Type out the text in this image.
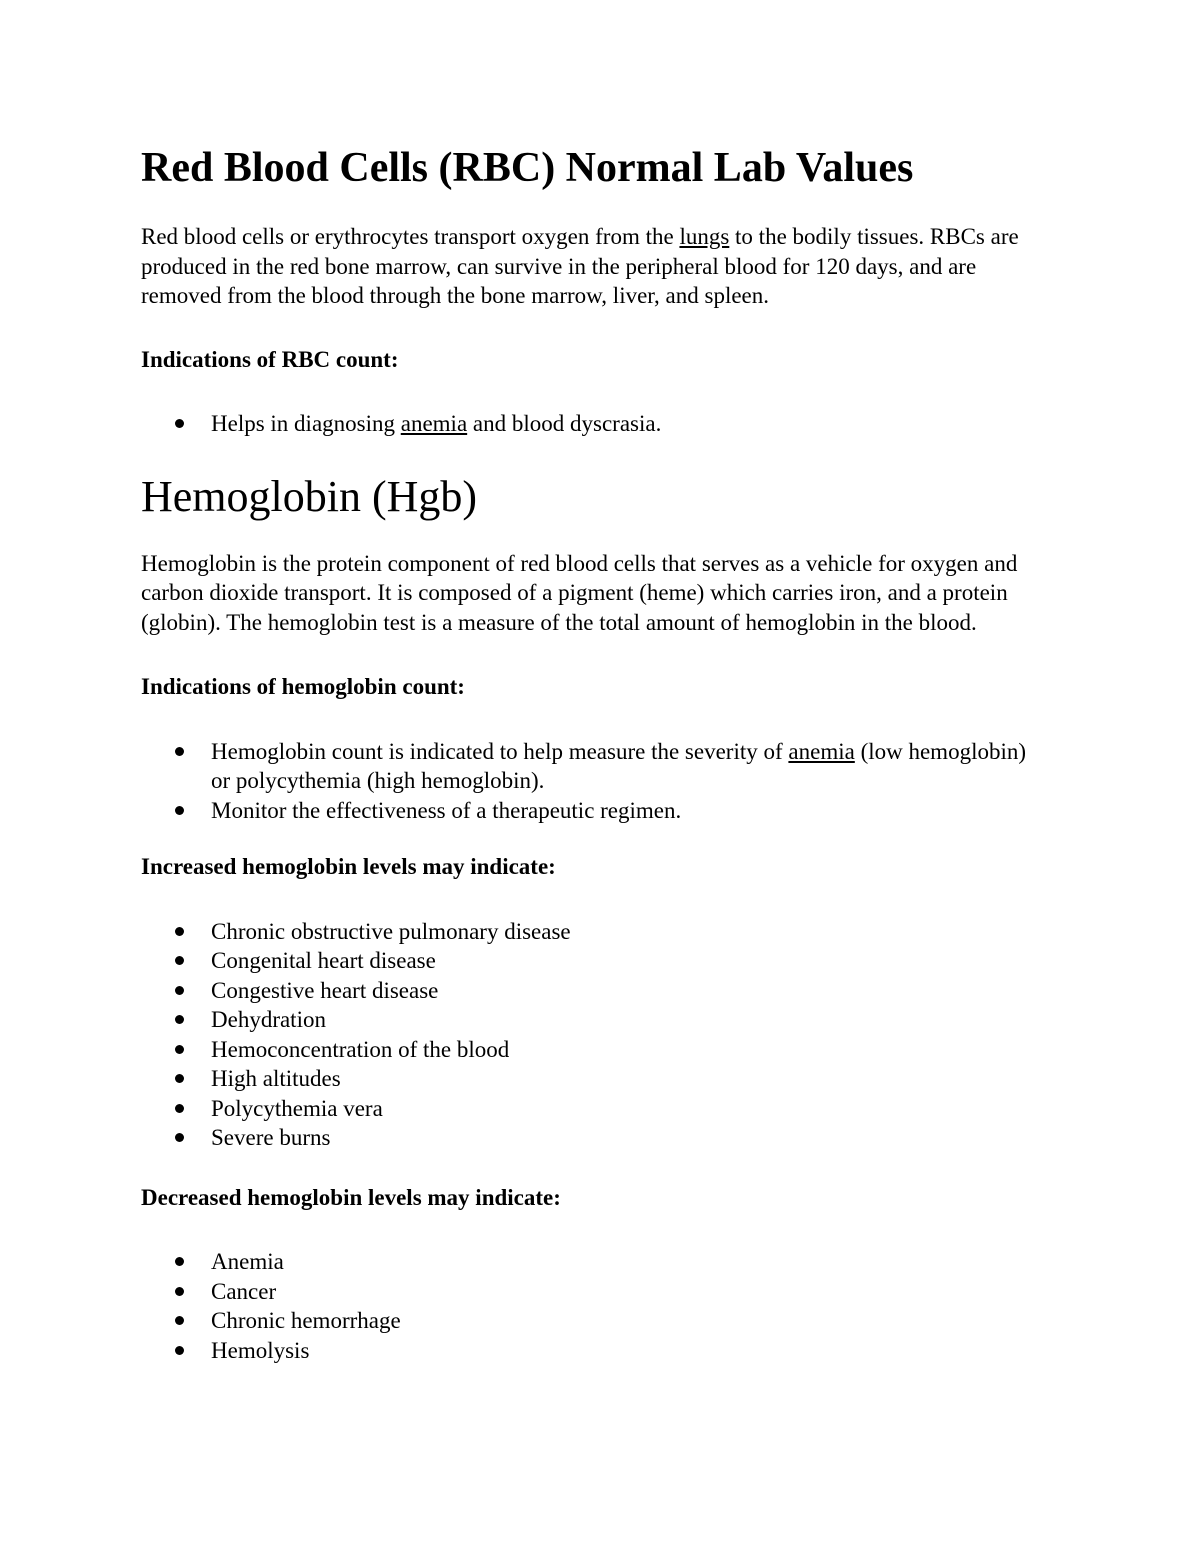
Red Blood Cells (RBC) Normal Lab Values

Red blood cells or erythrocytes transport oxygen from the lungs to the bodily tissues. RBCs are produced in the red bone marrow, can survive in the peripheral blood for 120 days, and are removed from the blood through the bone marrow, liver, and spleen.

Indications of RBC count:

Helps in diagnosing anemia and blood dyscrasia.
Hemoglobin (Hgb)

Hemoglobin is the protein component of red blood cells that serves as a vehicle for oxygen and carbon dioxide transport. It is composed of a pigment (heme) which carries iron, and a protein (globin). The hemoglobin test is a measure of the total amount of hemoglobin in the blood.

Indications of hemoglobin count:

Hemoglobin count is indicated to help measure the severity of anemia (low hemoglobin) or polycythemia (high hemoglobin).
Monitor the effectiveness of a therapeutic regimen.

Increased hemoglobin levels may indicate:

Chronic obstructive pulmonary disease
Congenital heart disease
Congestive heart disease
Dehydration
Hemoconcentration of the blood
High altitudes
Polycythemia vera
Severe burns

Decreased hemoglobin levels may indicate:

Anemia
Cancer
Chronic hemorrhage
Hemolysis
